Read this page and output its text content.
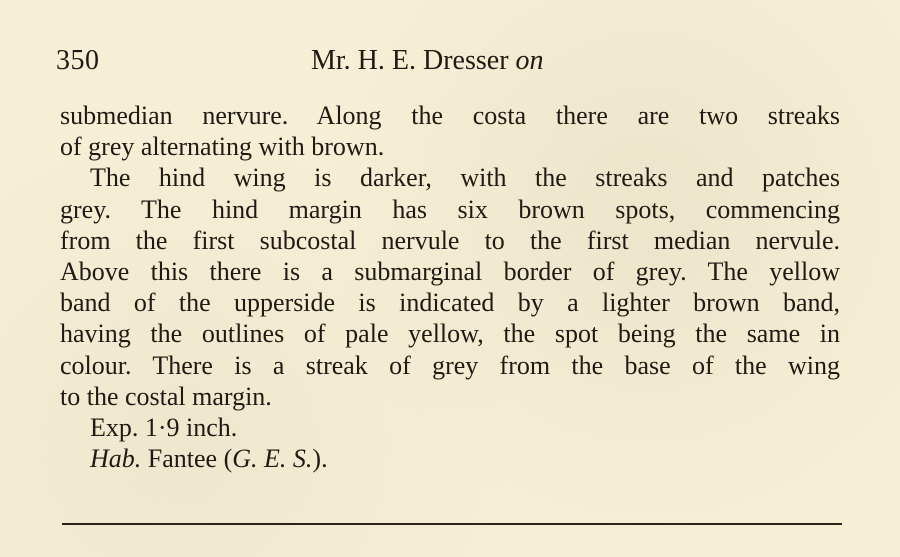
350	Mr. H. E. Dresser on
submedian nervure. Along the costa there are two streaks
of grey alternating with brown.
The hind wing is darker, with the streaks and patches
grey. The hind margin has six brown spots, commencing
from the first subcostal nervule to the first median nervule.
Above this there is a submarginal border of grey. The yellow
band of the upperside is indicated by a lighter brown band,
having the outlines of pale yellow, the spot being the same in
colour. There is a streak of grey from the base of the wing
to the costal margin.
Exp. 1·9 inch.
Hab. Fantee (G. E. S.).
